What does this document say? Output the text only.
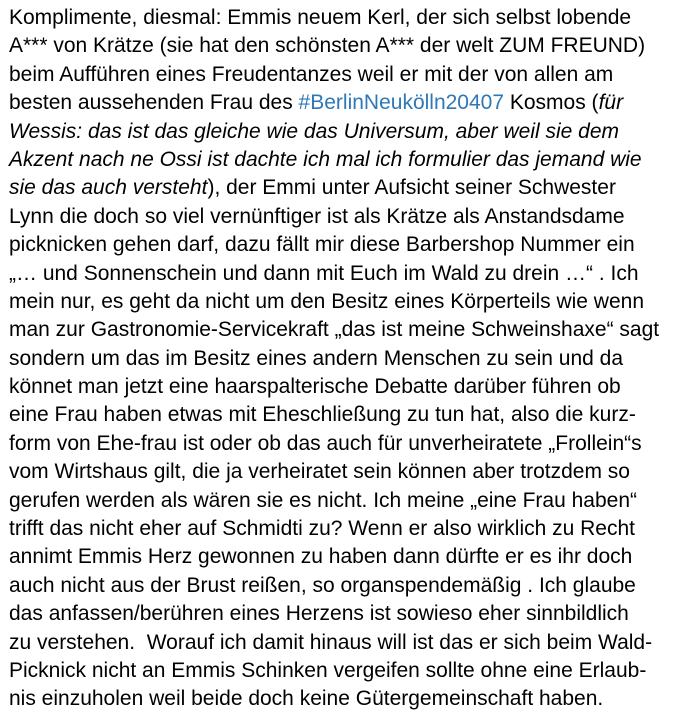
Komplimente, diesmal: Emmis neuem Kerl, der sich selbst lobende
A*** von Krätze (sie hat den schönsten A*** der welt ZUM FREUND)
beim Aufführen eines Freudentanzes weil er mit der von allen am
besten aussehenden Frau des #BerlinNeukölln20407 Kosmos (für
Wessis: das ist das gleiche wie das Universum, aber weil sie dem
Akzent nach ne Ossi ist dachte ich mal ich formulier das jemand wie
sie das auch versteht), der Emmi unter Aufsicht seiner Schwester
Lynn die doch so viel vernünftiger ist als Krätze als Anstandsdame
picknicken gehen darf, dazu fällt mir diese Barbershop Nummer ein
„… und Sonnenschein und dann mit Euch im Wald zu drein …“ . Ich
mein nur, es geht da nicht um den Besitz eines Körperteils wie wenn
man zur Gastronomie-Servicekraft „das ist meine Schweinshaxe“ sagt
sondern um das im Besitz eines andern Menschen zu sein und da
könnet man jetzt eine haarspalterische Debatte darüber führen ob
eine Frau haben etwas mit Eheschließung zu tun hat, also die kurz-
form von Ehe-frau ist oder ob das auch für unverheiratete „Frollein“s
vom Wirtshaus gilt, die ja verheiratet sein können aber trotzdem so
gerufen werden als wären sie es nicht. Ich meine „eine Frau haben“
trifft das nicht eher auf Schmidti zu? Wenn er also wirklich zu Recht
annimt Emmis Herz gewonnen zu haben dann dürfte er es ihr doch
auch nicht aus der Brust reißen, so organspendemäßig . Ich glaube
das anfassen/berühren eines Herzens ist sowieso eher sinnbildlich
zu verstehen.  Worauf ich damit hinaus will ist das er sich beim Wald-
Picknick nicht an Emmis Schinken vergeifen sollte ohne eine Erlaub-
nis einzuholen weil beide doch keine Gütergemeinschaft haben.
